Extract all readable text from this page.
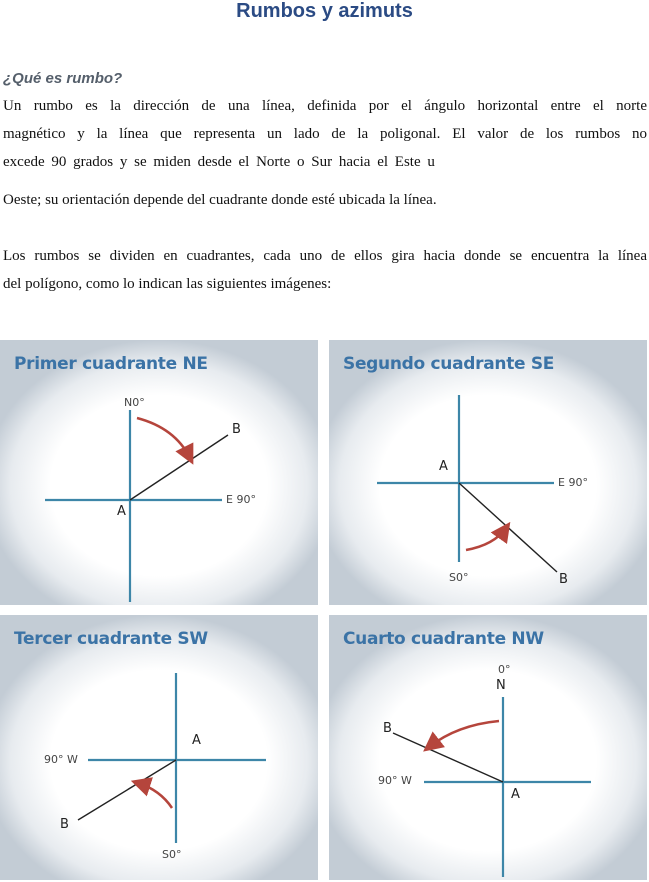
Rumbos y azimuts
¿Qué es rumbo?

Un rumbo es la dirección de una línea, definida por el ángulo horizontal entre el norte
magnético y la línea que representa un lado de la poligonal. El valor de los rumbos no
excede 90 grados y se miden desde el Norte o Sur hacia el Este u

Oeste; su orientación depende del cuadrante donde esté ubicada la línea.

Los rumbos se dividen en cuadrantes, cada uno de ellos gira hacia donde se encuentra la línea
del polígono, como lo indican las siguientes imágenes:

Primer cuadrante NE
N0°
E 90°
A
B
Segundo cuadrante SE
A
E 90°
S0°	B
Tercer cuadrante SW
A
90° W
B
S0°
Cuarto cuadrante NW
0°
N
B
90° W
A
